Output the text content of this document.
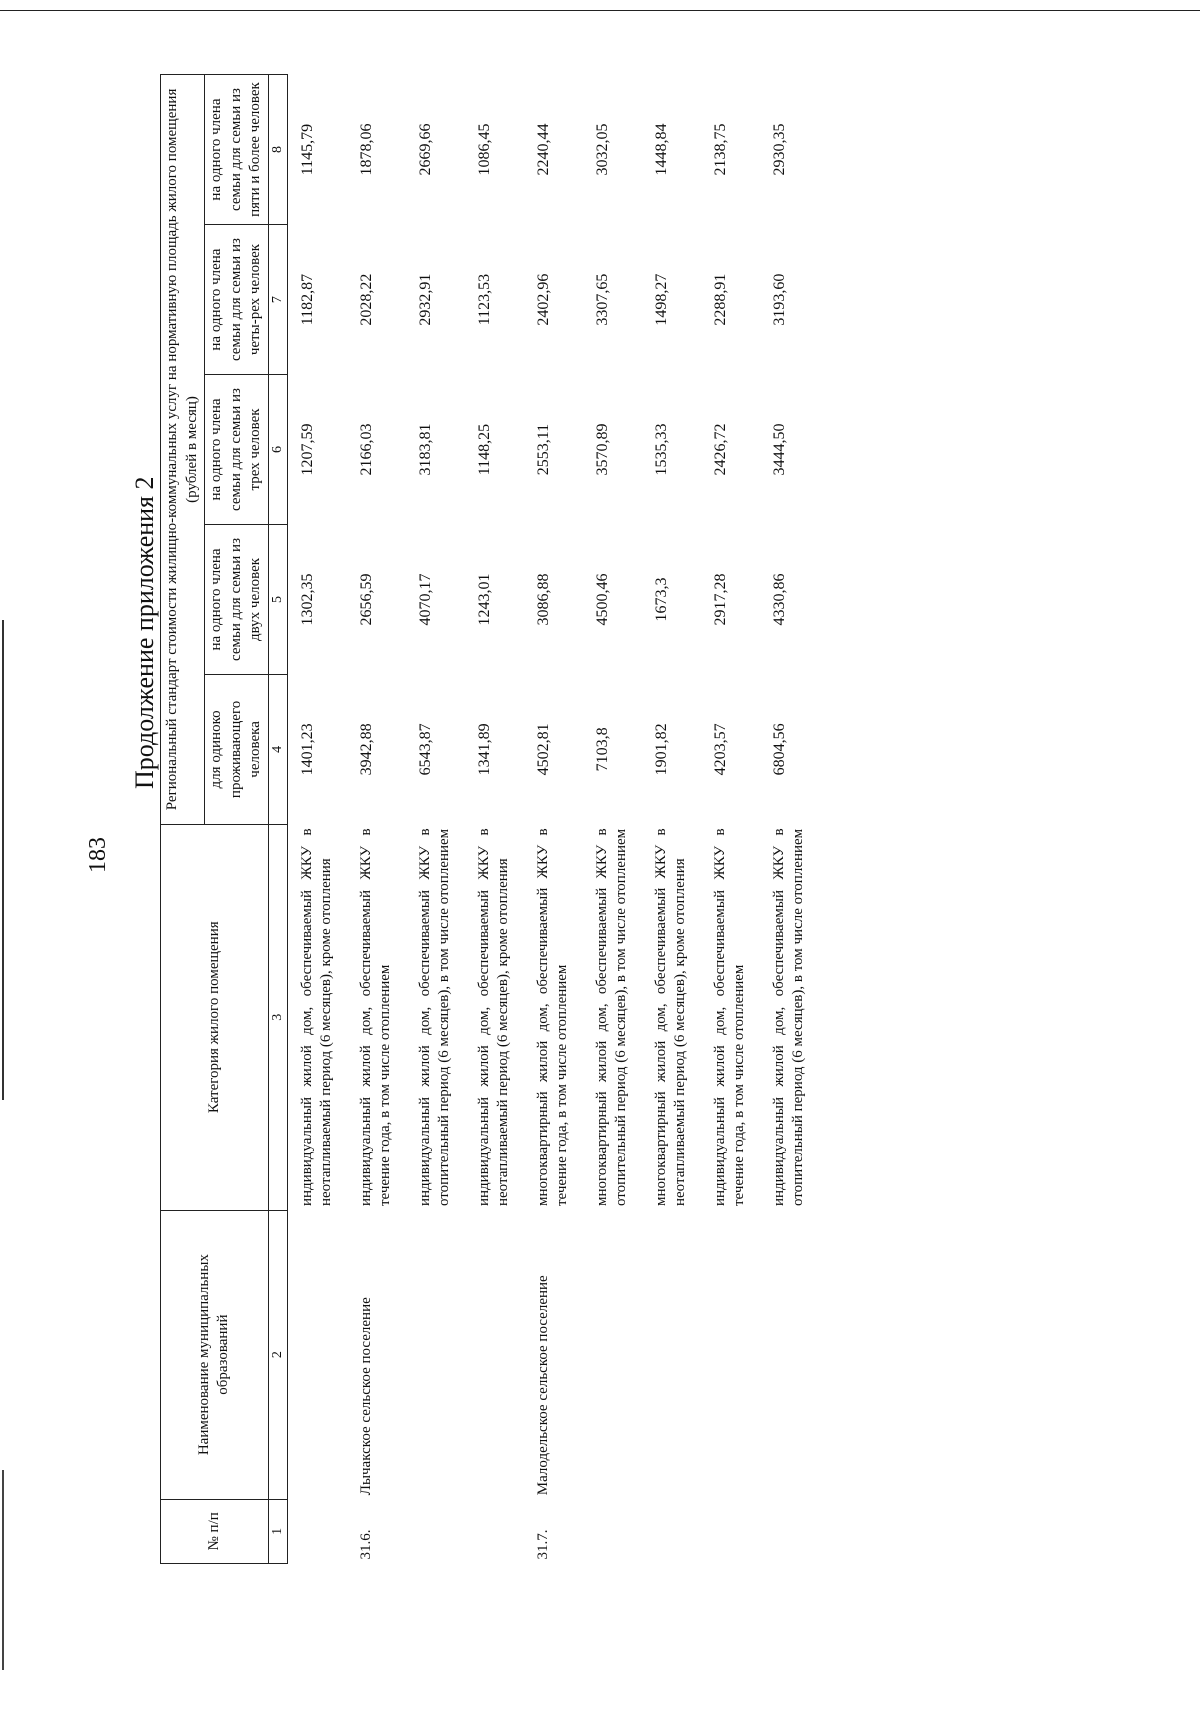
183
Продолжение приложения 2
№ п/п	Наименование муниципальных образований	Категория жилого помещения	Региональный стандарт стоимости жилищно-коммунальных услуг на нормативную площадь жилого помещения (рублей в месяц)				
			для одиноко проживающего человека	на одного члена семьи для семьи из двух человек	на одного члена семьи для семьи из трех человек	на одного члена семьи для семьи из четы-рех человек	на одного члена семьи для семьи из пяти и более человек
1	2	3	4	5	6	7	8
		индивидуальный жилой дом, обеспечиваемый ЖКУ в неотапливаемый период (6 месяцев), кроме отопления	1401,23	1302,35	1207,59	1182,87	1145,79
31.6.	Лычакское сельское поселение	индивидуальный жилой дом, обеспечиваемый ЖКУ в течение года, в том числе отоплением	3942,88	2656,59	2166,03	2028,22	1878,06
		индивидуальный жилой дом, обеспечиваемый ЖКУ в отопительный период (6 месяцев), в том числе отоплением	6543,87	4070,17	3183,81	2932,91	2669,66
		индивидуальный жилой дом, обеспечиваемый ЖКУ в неотапливаемый период (6 месяцев), кроме отопления	1341,89	1243,01	1148,25	1123,53	1086,45
31.7.	Малодельское сельское поселение	многоквартирный жилой дом, обеспечиваемый ЖКУ в течение года, в том числе отоплением	4502,81	3086,88	2553,11	2402,96	2240,44
		многоквартирный жилой дом, обеспечиваемый ЖКУ в отопительный период (6 месяцев), в том числе отоплением	7103,8	4500,46	3570,89	3307,65	3032,05
		многоквартирный жилой дом, обеспечиваемый ЖКУ в неотапливаемый период (6 месяцев), кроме отопления	1901,82	1673,3	1535,33	1498,27	1448,84
		индивидуальный жилой дом, обеспечиваемый ЖКУ в течение года, в том числе отоплением	4203,57	2917,28	2426,72	2288,91	2138,75
		индивидуальный жилой дом, обеспечиваемый ЖКУ в отопительный период (6 месяцев), в том числе отоплением	6804,56	4330,86	3444,50	3193,60	2930,35
